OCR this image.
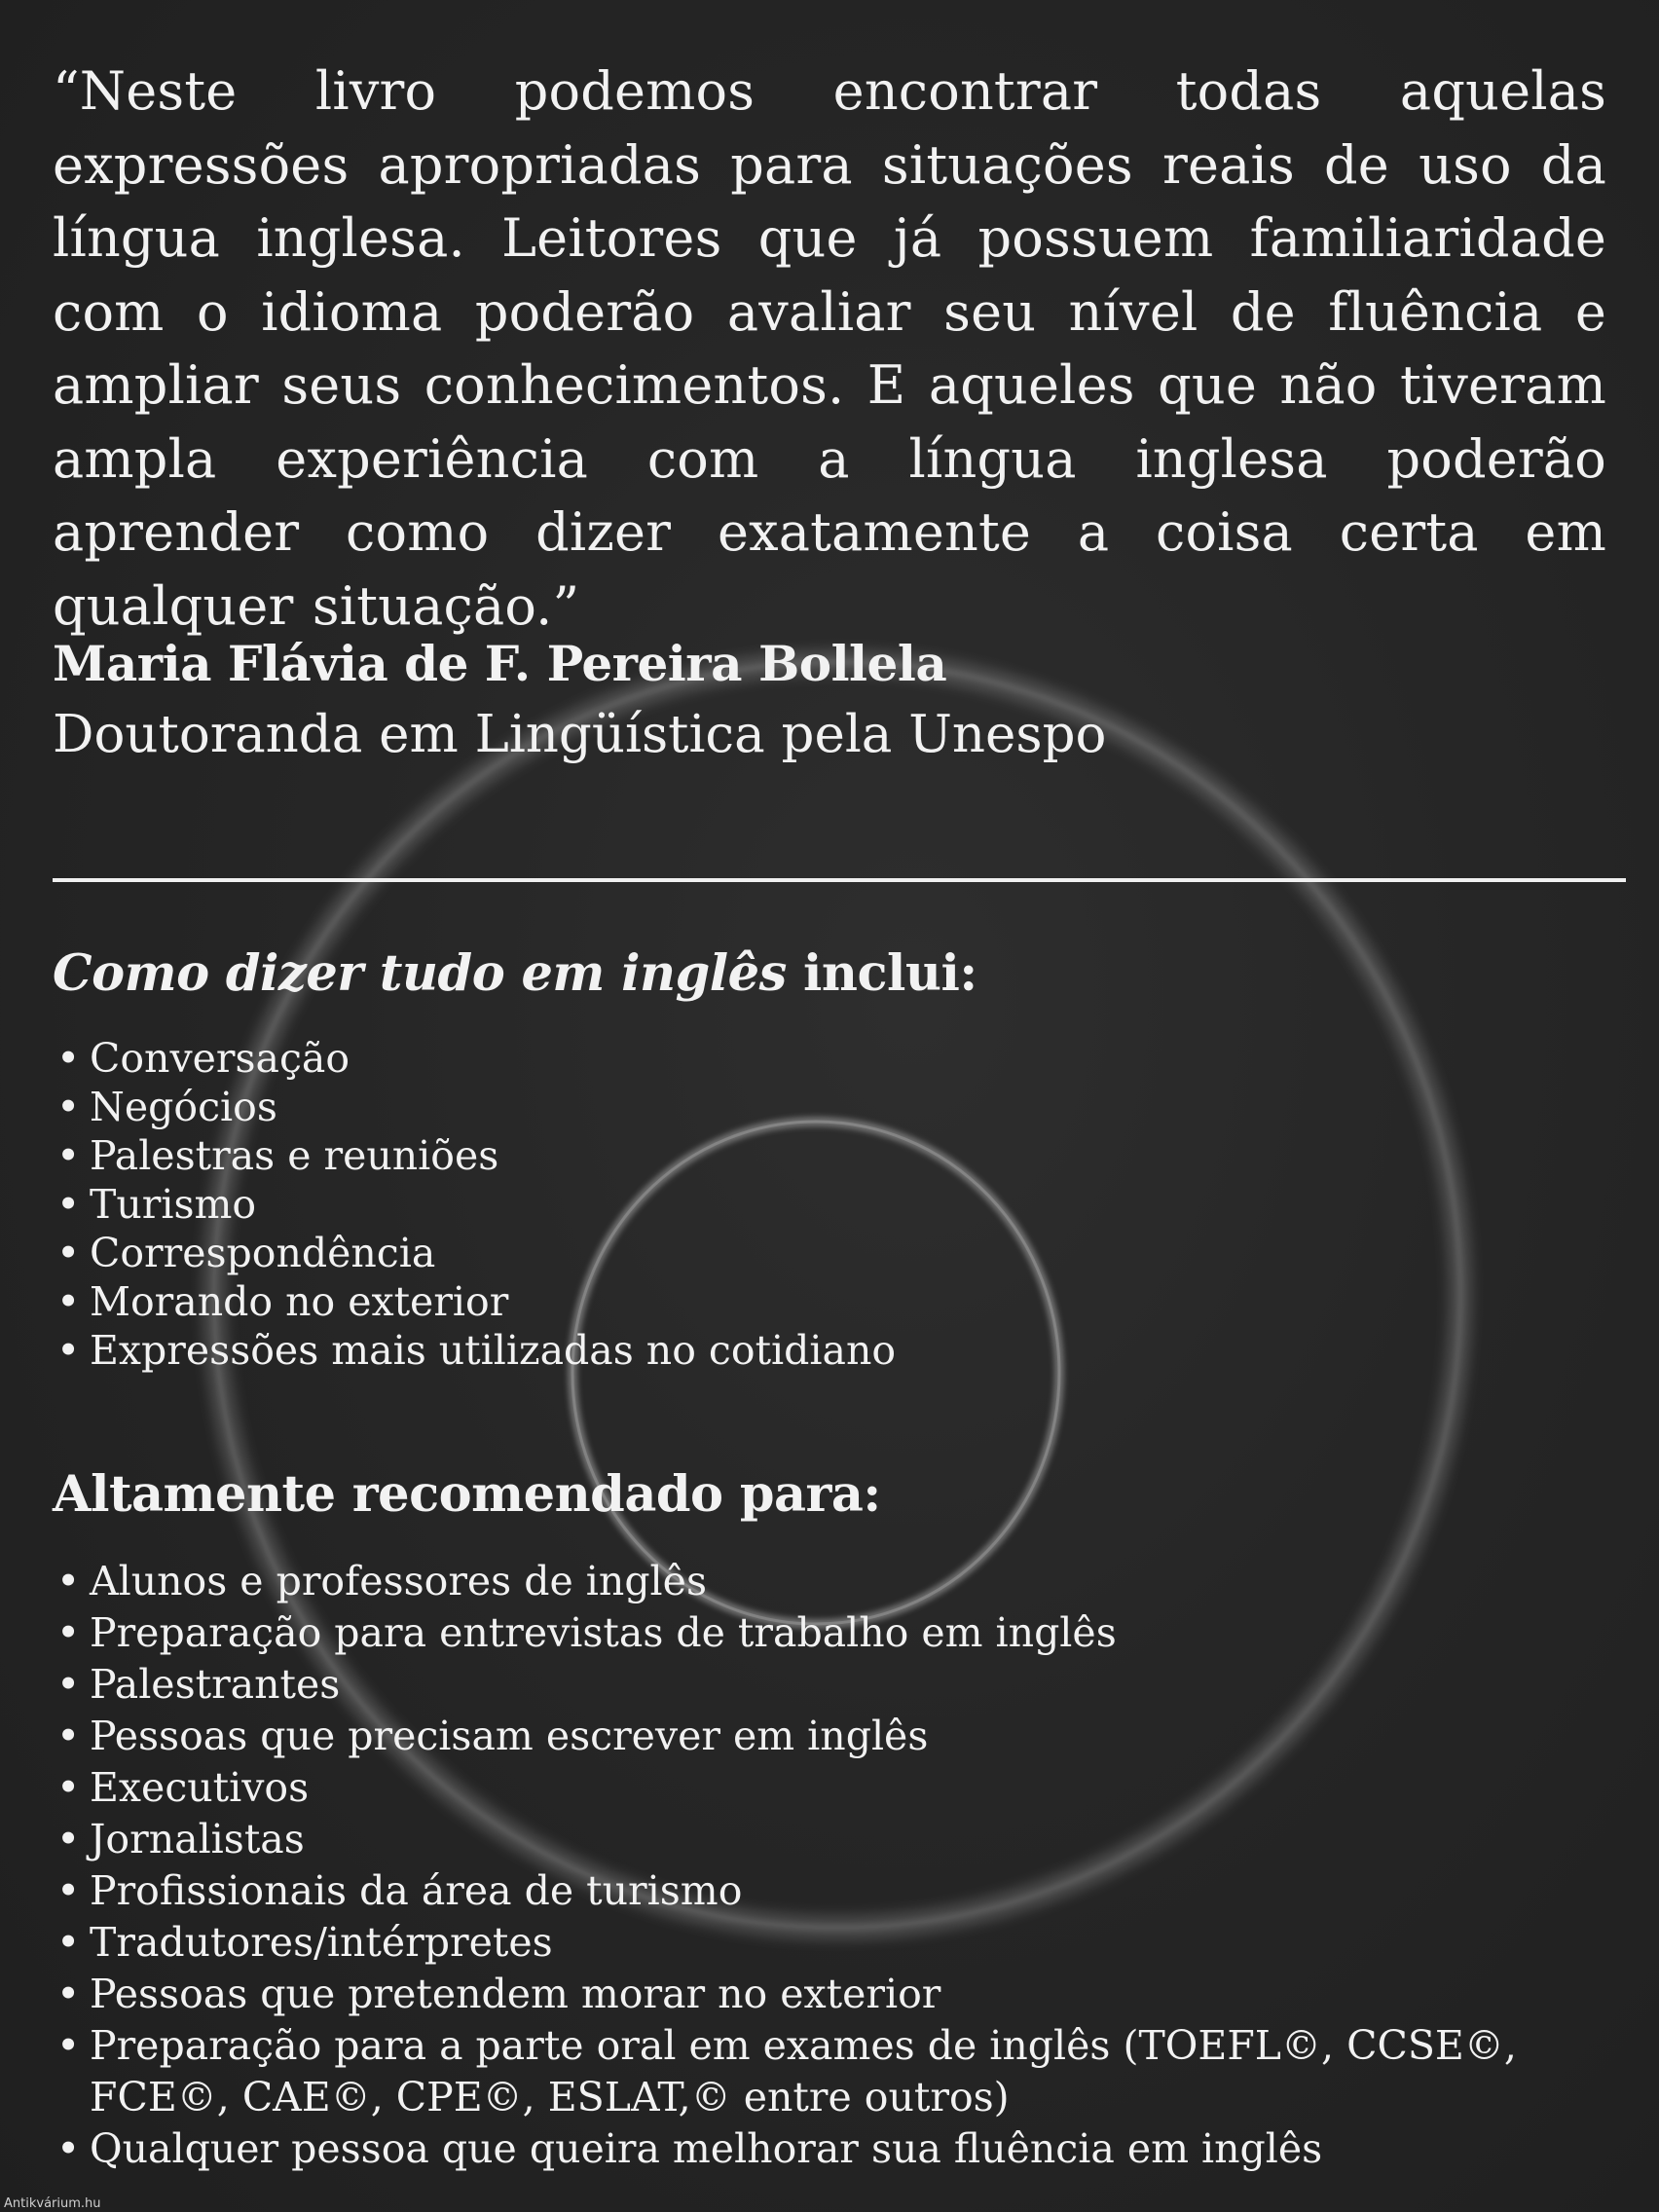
“Neste livro podemos encontrar todas aquelas expressões apropriadas para situações reais de uso da língua inglesa. Leitores que já possuem familiaridade com o idioma poderão avaliar seu nível de fluência e ampliar seus conhecimentos. E aqueles que não tiveram ampla experiência com a língua inglesa poderão aprender como dizer exatamente a coisa certa em qualquer situação.”

Maria Flávia de F. Pereira Bollela
Doutoranda em Lingüística pela Unespo
Como dizer tudo em inglês inclui:
• Conversação
• Negócios
• Palestras e reuniões
• Turismo
• Correspondência
• Morando no exterior
• Expressões mais utilizadas no cotidiano
Altamente recomendado para:
• Alunos e professores de inglês
• Preparação para entrevistas de trabalho em inglês
• Palestrantes
• Pessoas que precisam escrever em inglês
• Executivos
• Jornalistas
• Profissionais da área de turismo
• Tradutores/intérpretes
• Pessoas que pretendem morar no exterior
• Preparação para a parte oral em exames de inglês (TOEFL©, CCSE©, FCE©, CAE©, CPE©, ESLAT,© entre outros)
• Qualquer pessoa que queira melhorar sua fluência em inglês
Antikvárium.hu
